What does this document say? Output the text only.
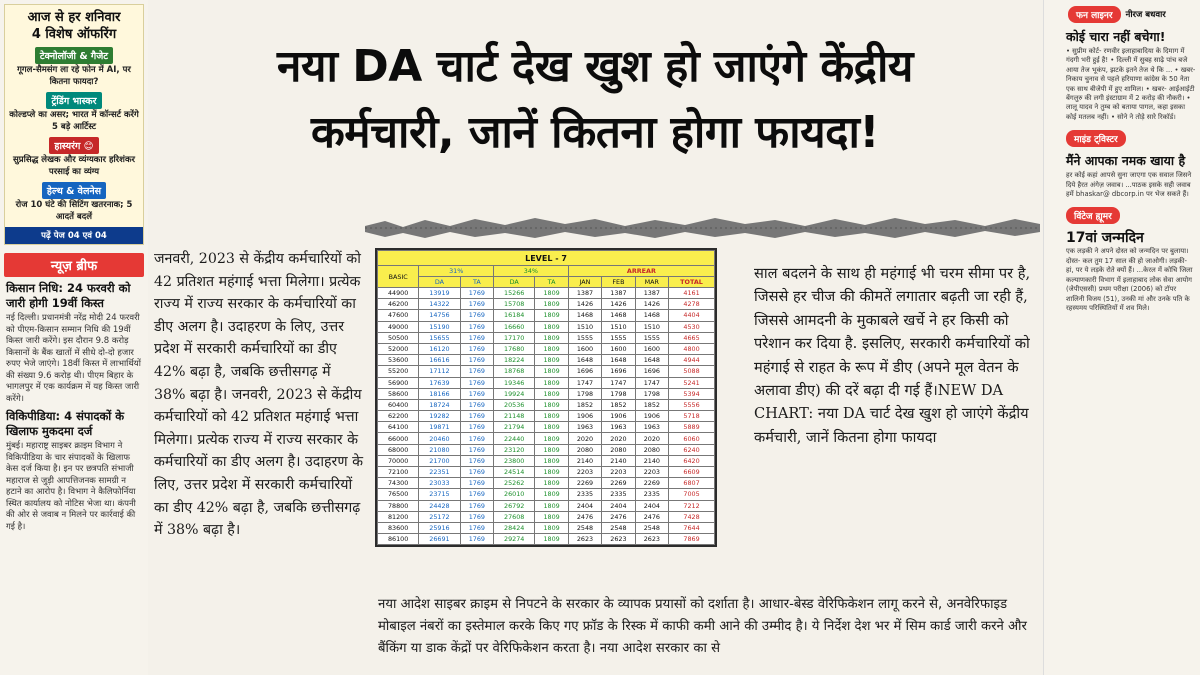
आज से हर शनिवार
4 विशेष ऑफरिंग
टेक्नोलॉजी & गैजेट

गूगल-सैमसंग ला रहे फोन में AI, पर कितना फायदा?

ट्रेंडिंग भास्कर

कोल्डप्ले का असर; भारत में कॉन्सर्ट करेंगे 5 बड़े आर्टिस्ट

हास्यरंग 😊

सुप्रसिद्ध लेखक और व्यंग्यकार हरिशंकर परसाई का व्यंग्य

हेल्थ & वेलनेस

रोज 10 घंटे की सिटिंग खतरनाक; 5 आदतें बदलें

पढ़ें पेज 04 एवं 04
न्यूज़ ब्रीफ
किसान निधि: 24 फरवरी को जारी होगी 19वीं किस्त
नई दिल्ली। प्रधानमंत्री नरेंद्र मोदी 24 फरवरी को पीएम-किसान सम्मान निधि की 19वीं किस्त जारी करेंगे। इस दौरान 9.8 करोड़ किसानों के बैंक खातों में सीधे दो-दो हजार रुपए भेजे जाएंगे। 18वीं किस्त में लाभार्थियों की संख्या 9.6 करोड़ थी। पीएम बिहार के भागलपुर में एक कार्यक्रम में यह किस्त जारी करेंगे।
विकिपीडिया: 4 संपादकों के खिलाफ मुकदमा दर्ज
मुंबई। महाराष्ट्र साइबर क्राइम विभाग ने विकिपीडिया के चार संपादकों के खिलाफ केस दर्ज किया है। इन पर छत्रपति संभाजी महाराज से जुड़ी आपत्तिजनक सामग्री न हटाने का आरोप है। विभाग ने कैलिफोर्निया स्थित कार्यालय को नोटिस भेजा था। कंपनी की ओर से जवाब न मिलने पर कार्रवाई की गई है।
नया DA चार्ट देख खुश हो जाएंगे केंद्रीय
कर्मचारी, जानें कितना होगा फायदा!
जनवरी, 2023 से केंद्रीय कर्मचारियों को 42 प्रतिशत महंगाई भत्ता मिलेगा। प्रत्येक राज्य में राज्य सरकार के कर्मचारियों का डीए अलग है। उदाहरण के लिए, उत्तर प्रदेश में सरकारी कर्मचारियों का डीए 42% बढ़ा है, जबकि छत्तीसगढ़ में 38% बढ़ा है। जनवरी, 2023 से केंद्रीय कर्मचारियों को 42 प्रतिशत महंगाई भत्ता मिलेगा। प्रत्येक राज्य में राज्य सरकार के कर्मचारियों का डीए अलग है। उदाहरण के लिए, उत्तर प्रदेश में सरकारी कर्मचारियों का डीए 42% बढ़ा है, जबकि छत्तीसगढ़ में 38% बढ़ा है।
LEVEL - 7								
BASIC	31%		34%		ARREAR			
	DA	TA	DA	TA	JAN	FEB	MAR	TOTAL
44900	13919	1769	15266	1809	1387	1387	1387	4161
46200	14322	1769	15708	1809	1426	1426	1426	4278
47600	14756	1769	16184	1809	1468	1468	1468	4404
49000	15190	1769	16660	1809	1510	1510	1510	4530
50500	15655	1769	17170	1809	1555	1555	1555	4665
52000	16120	1769	17680	1809	1600	1600	1600	4800
53600	16616	1769	18224	1809	1648	1648	1648	4944
55200	17112	1769	18768	1809	1696	1696	1696	5088
56900	17639	1769	19346	1809	1747	1747	1747	5241
58600	18166	1769	19924	1809	1798	1798	1798	5394
60400	18724	1769	20536	1809	1852	1852	1852	5556
62200	19282	1769	21148	1809	1906	1906	1906	5718
64100	19871	1769	21794	1809	1963	1963	1963	5889
66000	20460	1769	22440	1809	2020	2020	2020	6060
68000	21080	1769	23120	1809	2080	2080	2080	6240
70000	21700	1769	23800	1809	2140	2140	2140	6420
72100	22351	1769	24514	1809	2203	2203	2203	6609
74300	23033	1769	25262	1809	2269	2269	2269	6807
76500	23715	1769	26010	1809	2335	2335	2335	7005
78800	24428	1769	26792	1809	2404	2404	2404	7212
81200	25172	1769	27608	1809	2476	2476	2476	7428
83600	25916	1769	28424	1809	2548	2548	2548	7644
86100	26691	1769	29274	1809	2623	2623	2623	7869
साल बदलने के साथ ही महंगाई भी चरम सीमा पर है, जिससे हर चीज की कीमतें लगातार बढ़ती जा रही हैं, जिससे आमदनी के मुकाबले खर्चे ने हर किसी को परेशान कर दिया है. इसलिए, सरकारी कर्मचारियों को महंगाई से राहत के रूप में डीए (अपने मूल वेतन के अलावा डीए) की दरें बढ़ा दी गई हैं।NEW DA CHART: नया DA चार्ट देख खुश हो जाएंगे केंद्रीय कर्मचारी, जानें कितना होगा फायदा
नया आदेश साइबर क्राइम से निपटने के सरकार के व्यापक प्रयासों को दर्शाता है। आधार-बेस्ड वेरिफिकेशन लागू करने से, अनवेरिफाइड मोबाइल नंबरों का इस्तेमाल करके किए गए फ्रॉड के रिस्क में काफी कमी आने की उम्मीद है। ये निर्देश देश भर में सिम कार्ड जारी करने और बैंकिंग या डाक केंद्रों पर वेरिफिकेशन करता है। नया आदेश सरकार का से
फन लाइनर	नीरज बधवार
कोई चारा नहीं बचेगा!
• सुप्रीम कोर्ट- रणवीर इलाहाबादिया के दिमाग में गंदगी भरी हुई है! • दिल्ली में सुबह साढ़े पांच बजे आया तेज भूकंप, झटके इतने तेज थे कि ... • खबर- निकाय चुनाव से पहले हरियाणा कांग्रेस के 50 नेता एक साथ बीजेपी में हुए शामिल। • खबर- आईआईटी बेंगलुरु की लगी इंस्टाग्राम में 2 करोड़ की नौकरी। • लालू यादव ने तुम्ब को बताया पागल, कहा इसका कोई मतलब नहीं। • सोने ने तोड़े सारे रिकॉर्ड।
माइंड ट्विस्टर
मैंने आपका नमक खाया है
हर कोई कहां आपसे सुना जाएगा एक सवाल जिसने दिये हैरत अंगेज़ जवाब। ...पाठक इसके सही जवाब हमें bhaskar@ dbcorp.in पर भेज सकते हैं।
विंटेज ह्यूमर
17वां जन्मदिन
एक लड़की ने अपने दोस्त को जन्मदिन पर बुलाया। दोस्त- कल तुम 17 साल की हो जाओगी। लड़की- हां, पर ये लड़के रोते क्यों हैं। ...केरल में कोचि जिला कल्याणकारी विभाग में इलाहाबाद लोक सेवा आयोग (जेपीएससी) प्रथम परीक्षा (2006) को टॉपर शालिनी विजय (51), उनकी मां और उनके पति के रहस्यमय परिस्थितियों में शव मिले।
